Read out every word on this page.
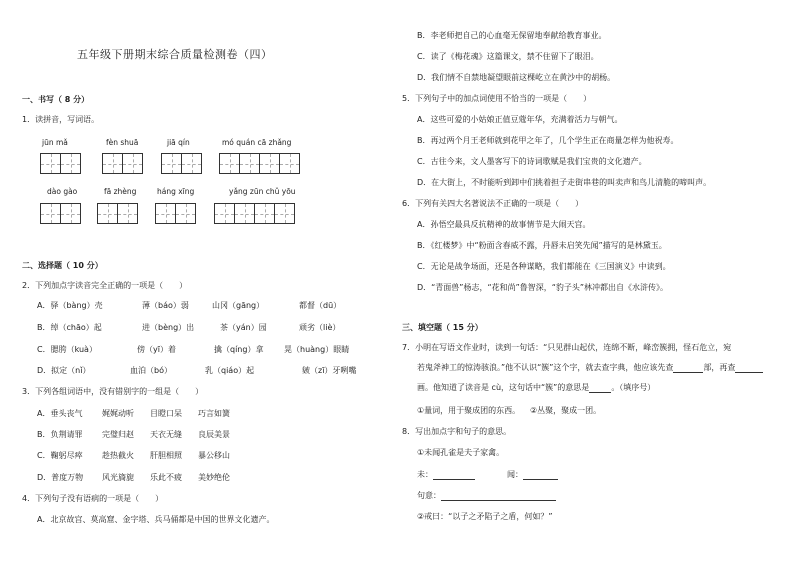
五年级下册期末综合质量检测卷（四）
一、书写（ 8 分）
1．读拼音，写词语。
jūn mǎ	fèn shuā	jiā qín	mó quán cā zhǎng
dào gào	fā zhèng	háng xīng	yǎng zūn chǔ yōu
二、选择题（ 10 分）
2．下列加点字读音完全正确的一项是（　　）
A．驿（bàng）壳	薄（báo）弱	山冈（gāng）	都督（dū）
B．绰（chāo）起	进（bèng）出	茶（yán）园	顽劣（liè）
C．腮胯（kuà）	傍（yī）着	擒（qíng）拿	晃（huàng）眼睛
D．拟定（nǐ）	血泊（bó）	乳（qiáo）起	皴（zī）牙咧嘴
3．下列各组词语中，没有错别字的一组是（　　）
A．垂头丧气 娓娓动听 目瞪口呆 巧言如簧
B．负荆请罪 完璧归赵 天衣无缝 良辰美景
C．鞠躬尽瘁 趁热截火 肝胆相照 暴公移山
D．普度万物 风光旖旎 乐此不疲 美妙绝伦
4．下列句子没有语病的一项是（　　）
A．北京故宫、莫高窟、金字塔、兵马俑都是中国的世界文化遗产。
B．李老师把自己的心血毫无保留地奉献给教育事业。
C．读了《梅花魂》这篇课文，禁不住留下了眼泪。
D．我们情不自禁地凝望眼前这棵屹立在黄沙中的胡杨。
5．下列句子中的加点词使用不恰当的一项是（　　）
A．这些可爱的小姑娘正值豆蔻年华，充满着活力与朝气。
B．再过两个月王老师就到花甲之年了，几个学生正在商量怎样为他祝寿。
C．古往今来，文人墨客写下的诗词歌赋是我们宝贵的文化遗产。
D．在大街上，不时能听到卸中们挑着担子走街串巷的叫卖声和鸟儿清脆的啼叫声。
6．下列有关四大名著说法不正确的一项是（　　）
A．孙悟空最具反抗精神的故事情节是大闹天宫。
B．《红楼梦》中“粉面含春威不露，丹唇未启笑先闻”描写的是林黛玉。
C．无论是战争场面，还是各种谋略，我们都能在《三国演义》中读到。
D．“青面兽”杨志，“花和尚”鲁智深，“豹子头”林冲都出自《水浒传》。
三、填空题（ 15 分）
7．小明在写语文作业时，读到一句话：“只见群山起伏，连绵不断，峰峦簇拥，怪石危立，宛
若鬼斧神工的惊涛骇浪。”他不认识“簇”这个字，就去查字典，他应该先查	部，再查
画。他知道了读音是 cù，这句话中“簇”的意思是	。（填序号）
①量词，用于聚成团的东西。 ②丛聚，聚成一团。
8．写出加点字和句子的意思。
①未闻孔雀是夫子家禽。
未：	闻：
句意：
②戒曰：“以子之矛陷子之盾，何如？”
